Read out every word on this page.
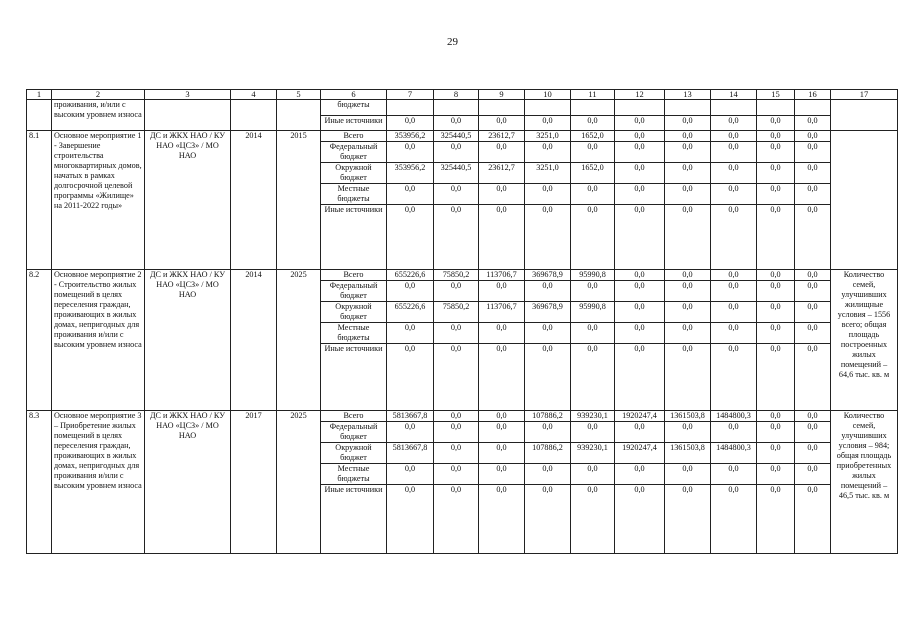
29
1	2	3	4	5	6	7	8	9	10	11	12	13	14	15	16	17
	проживания, и/или с высоким уровнем износа				бюджеты											
					Иные источники	0,0	0,0	0,0	0,0	0,0	0,0	0,0	0,0	0,0	0,0	
8.1	Основное мероприятие 1 - Завершение строительства многоквартирных домов, начатых в рамках долгосрочной целевой программы «Жилище» на 2011-2022 годы»	ДС и ЖКХ НАО / КУ НАО «ЦСЗ» / МО НАО	2014	2015	Всего	353956,2	325440,5	23612,7	3251,0	1652,0	0,0	0,0	0,0	0,0	0,0	
					Федеральный бюджет	0,0	0,0	0,0	0,0	0,0	0,0	0,0	0,0	0,0	0,0	
					Окружной бюджет	353956,2	325440,5	23612,7	3251,0	1652,0	0,0	0,0	0,0	0,0	0,0	
					Местные бюджеты	0,0	0,0	0,0	0,0	0,0	0,0	0,0	0,0	0,0	0,0	
					Иные источники	0,0	0,0	0,0	0,0	0,0	0,0	0,0	0,0	0,0	0,0	
8.2	Основное мероприятие 2 - Строительство жилых помещений в целях переселения граждан, проживающих в жилых домах, непригодных для проживания и/или с высоким уровнем износа	ДС и ЖКХ НАО / КУ НАО «ЦСЗ» / МО НАО	2014	2025	Всего	655226,6	75850,2	113706,7	369678,9	95990,8	0,0	0,0	0,0	0,0	0,0	Количество семей, улучшивших жилищные условия – 1556 всего; общая площадь построенных жилых помещений – 64,6 тыс. кв. м
					Федеральный бюджет	0,0	0,0	0,0	0,0	0,0	0,0	0,0	0,0	0,0	0,0	
					Окружной бюджет	655226,6	75850,2	113706,7	369678,9	95990,8	0,0	0,0	0,0	0,0	0,0	
					Местные бюджеты	0,0	0,0	0,0	0,0	0,0	0,0	0,0	0,0	0,0	0,0	
					Иные источники	0,0	0,0	0,0	0,0	0,0	0,0	0,0	0,0	0,0	0,0	
8.3	Основное мероприятие 3 – Приобретение жилых помещений в целях переселения граждан, проживающих в жилых домах, непригодных для проживания и/или с высоким уровнем износа	ДС и ЖКХ НАО / КУ НАО «ЦСЗ» / МО НАО	2017	2025	Всего	5813667,8	0,0	0,0	107886,2	939230,1	1920247,4	1361503,8	1484800,3	0,0	0,0	Количество семей, улучшивших условия – 984; общая площадь приобретенных жилых помещений – 46,5 тыс. кв. м
					Федеральный бюджет	0,0	0,0	0,0	0,0	0,0	0,0	0,0	0,0	0,0	0,0	
					Окружной бюджет	5813667,8	0,0	0,0	107886,2	939230,1	1920247,4	1361503,8	1484800,3	0,0	0,0	
					Местные бюджеты	0,0	0,0	0,0	0,0	0,0	0,0	0,0	0,0	0,0	0,0	
					Иные источники	0,0	0,0	0,0	0,0	0,0	0,0	0,0	0,0	0,0	0,0	
